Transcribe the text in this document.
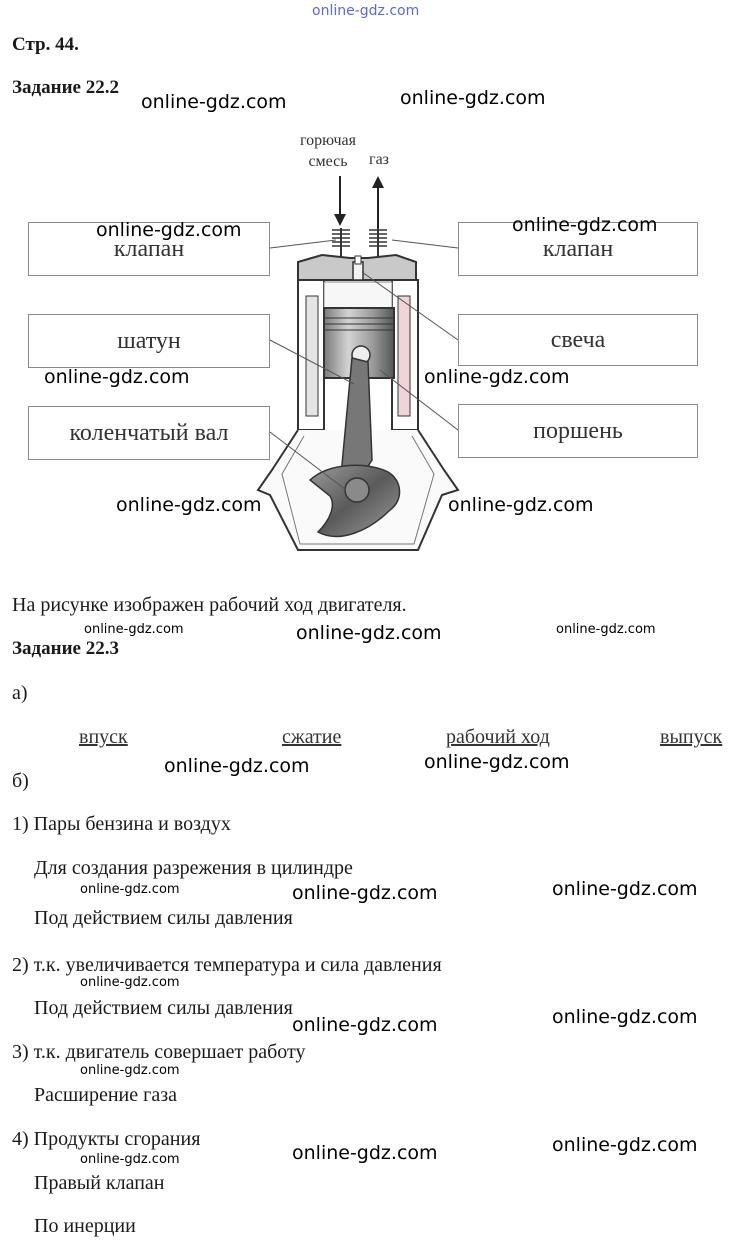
online-gdz.com
Стр. 44.
Задание 22.2
горючая
смесь	газ
клапан
шатун
коленчатый вал
клапан
свеча
поршень
На рисунке изображен рабочий ход двигателя.
Задание 22.3
а)
впуск	сжатие	рабочий ход	выпуск
б)
1) Пары бензина и воздух
Для создания разрежения в цилиндре
Под действием силы давления
2) т.к. увеличивается температура и сила давления
Под действием силы давления
3) т.к. двигатель совершает работу
Расширение газа
4) Продукты сгорания
Правый клапан
По инерции
online-gdz.com	online-gdz.com
online-gdz.com	online-gdz.com
online-gdz.com	online-gdz.com
online-gdz.com	online-gdz.com
online-gdz.com	online-gdz.com	online-gdz.com
online-gdz.com	online-gdz.com
online-gdz.com	online-gdz.com	online-gdz.com
online-gdz.com
online-gdz.com	online-gdz.com
online-gdz.com
online-gdz.com	online-gdz.com	online-gdz.com
